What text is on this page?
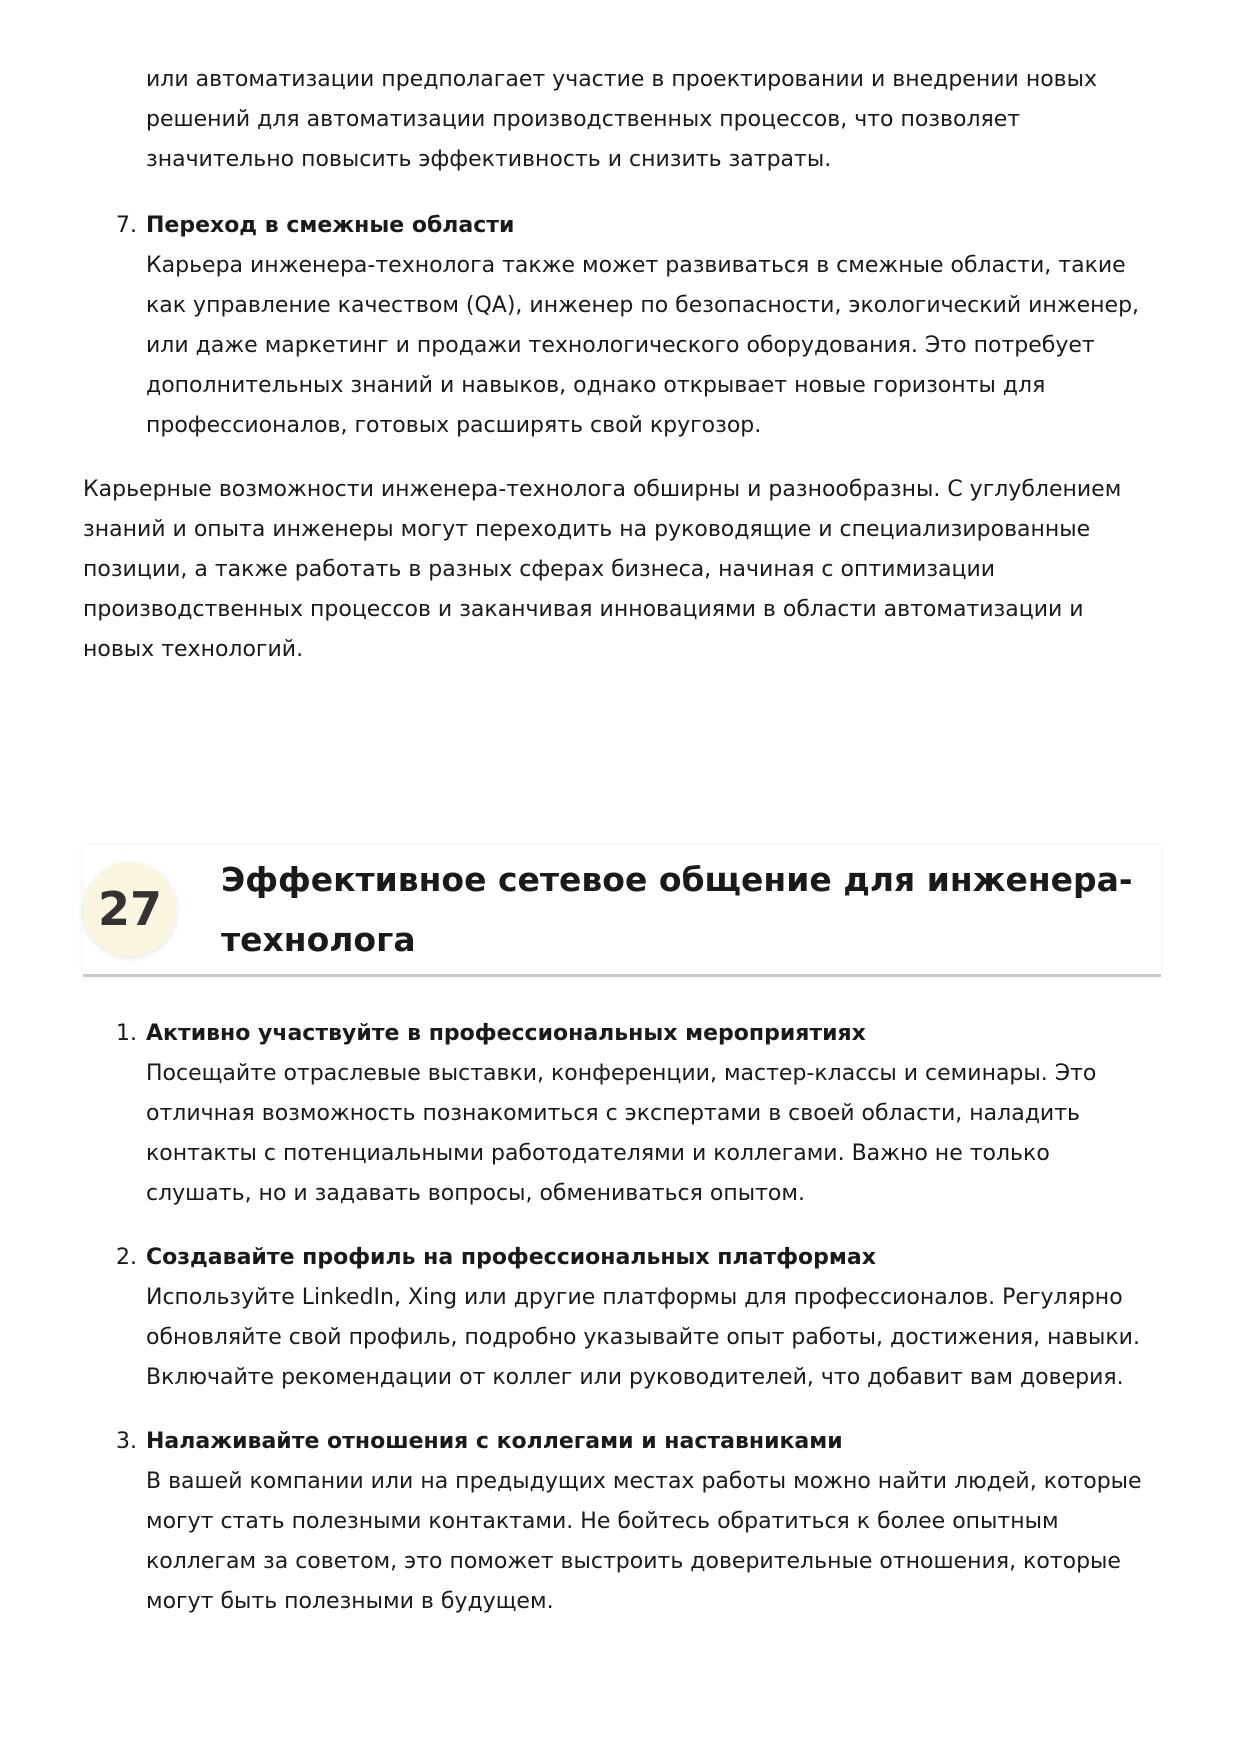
или автоматизации предполагает участие в проектировании и внедрении новых решений для автоматизации производственных процессов, что позволяет значительно повысить эффективность и снизить затраты.

7. Переход в смежные области
Карьера инженера-технолога также может развиваться в смежные области, такие как управление качеством (QA), инженер по безопасности, экологический инженер, или даже маркетинг и продажи технологического оборудования. Это потребует дополнительных знаний и навыков, однако открывает новые горизонты для профессионалов, готовых расширять свой кругозор.

Карьерные возможности инженера-технолога обширны и разнообразны. С углублением знаний и опыта инженеры могут переходить на руководящие и специализированные позиции, а также работать в разных сферах бизнеса, начиная с оптимизации производственных процессов и заканчивая инновациями в области автоматизации и новых технологий.

27
Эффективное сетевое общение для инженера-технолога
1. Активно участвуйте в профессиональных мероприятиях
Посещайте отраслевые выставки, конференции, мастер-классы и семинары. Это отличная возможность познакомиться с экспертами в своей области, наладить контакты с потенциальными работодателями и коллегами. Важно не только слушать, но и задавать вопросы, обмениваться опытом.
2. Создавайте профиль на профессиональных платформах
Используйте LinkedIn, Xing или другие платформы для профессионалов. Регулярно обновляйте свой профиль, подробно указывайте опыт работы, достижения, навыки. Включайте рекомендации от коллег или руководителей, что добавит вам доверия.
3. Налаживайте отношения с коллегами и наставниками
В вашей компании или на предыдущих местах работы можно найти людей, которые могут стать полезными контактами. Не бойтесь обратиться к более опытным коллегам за советом, это поможет выстроить доверительные отношения, которые могут быть полезными в будущем.
